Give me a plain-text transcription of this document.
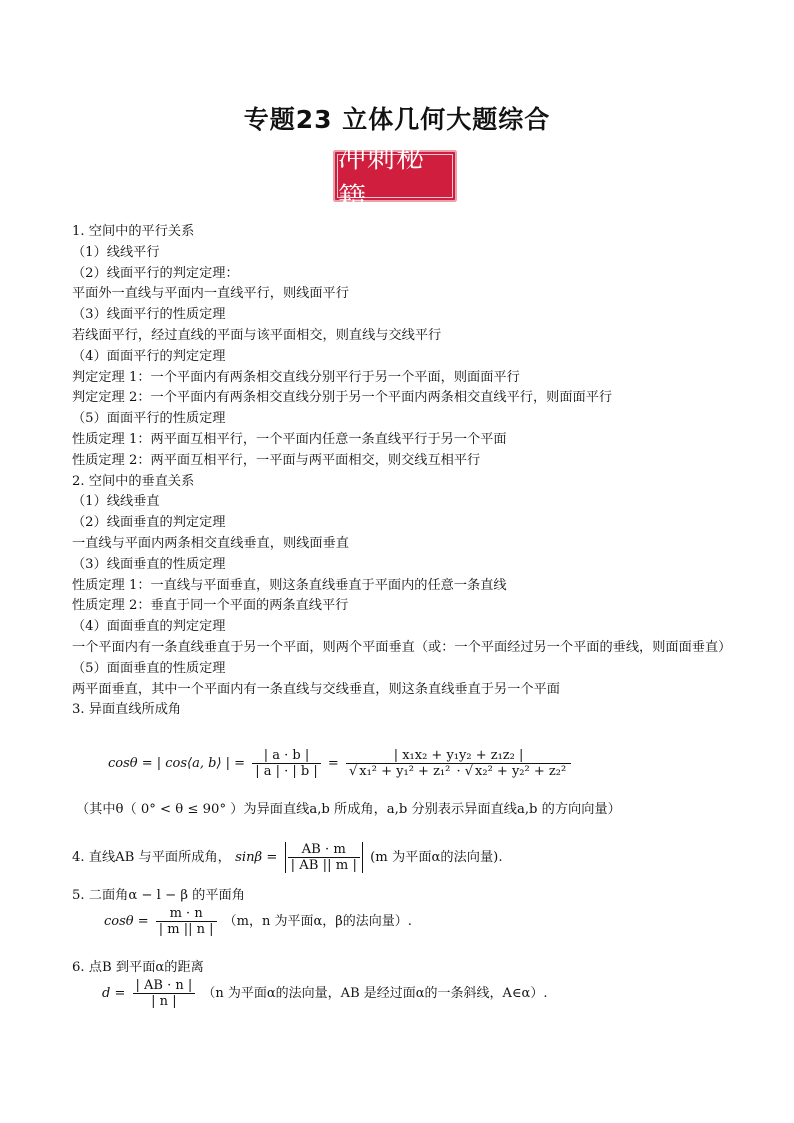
专题23 立体几何大题综合
冲刺秘籍
1. 空间中的平行关系
（1）线线平行
（2）线面平行的判定定理：
平面外一直线与平面内一直线平行，则线面平行
（3）线面平行的性质定理
若线面平行，经过直线的平面与该平面相交，则直线与交线平行
（4）面面平行的判定定理
判定定理 1：一个平面内有两条相交直线分别平行于另一个平面，则面面平行
判定定理 2：一个平面内有两条相交直线分别于另一个平面内两条相交直线平行，则面面平行
（5）面面平行的性质定理
性质定理 1：两平面互相平行，一个平面内任意一条直线平行于另一个平面
性质定理 2：两平面互相平行，一平面与两平面相交，则交线互相平行
2. 空间中的垂直关系
（1）线线垂直
（2）线面垂直的判定定理
一直线与平面内两条相交直线垂直，则线面垂直
（3）线面垂直的性质定理
性质定理 1：一直线与平面垂直，则这条直线垂直于平面内的任意一条直线
性质定理 2：垂直于同一个平面的两条直线平行
（4）面面垂直的判定定理
一个平面内有一条直线垂直于另一个平面，则两个平面垂直（或：一个平面经过另一个平面的垂线，则面面垂直）
（5）面面垂直的性质定理
两平面垂直，其中一个平面内有一条直线与交线垂直，则这条直线垂直于另一个平面
3. 异面直线所成角
cosθ = | cos⟨a, b⟩ | = $\frac{| a \cdot b |}{| a | \cdot | b |} = \frac{\text{| x₁x₂ + y₁y₂ + z₁z₂ |}}{\text{√ x₁² + y₁² + z₁² · √ x₂² + y₂² + z₂²}}$
（其中θ（ 0° < θ ≤ 90° ）为异面直线a,b 所成角，a,b 分别表示异面直线a,b 的方向向量）
4. 直线AB 与平面所成角， $\sin\beta = \frac{AB \cdot m}{| AB || m |} (m$ 为平面α的法向量).
5. 二面角α − l − β 的平面角
$\cos\theta = \frac{m \cdot n}{| m || n |} (m$，n 为平面α，β的法向量）.
6. 点B 到平面α的距离
$d = \frac{| AB \cdot n |}{| n |} (n$ 为平面α的法向量，AB 是经过面α的一条斜线，A∈α）.
